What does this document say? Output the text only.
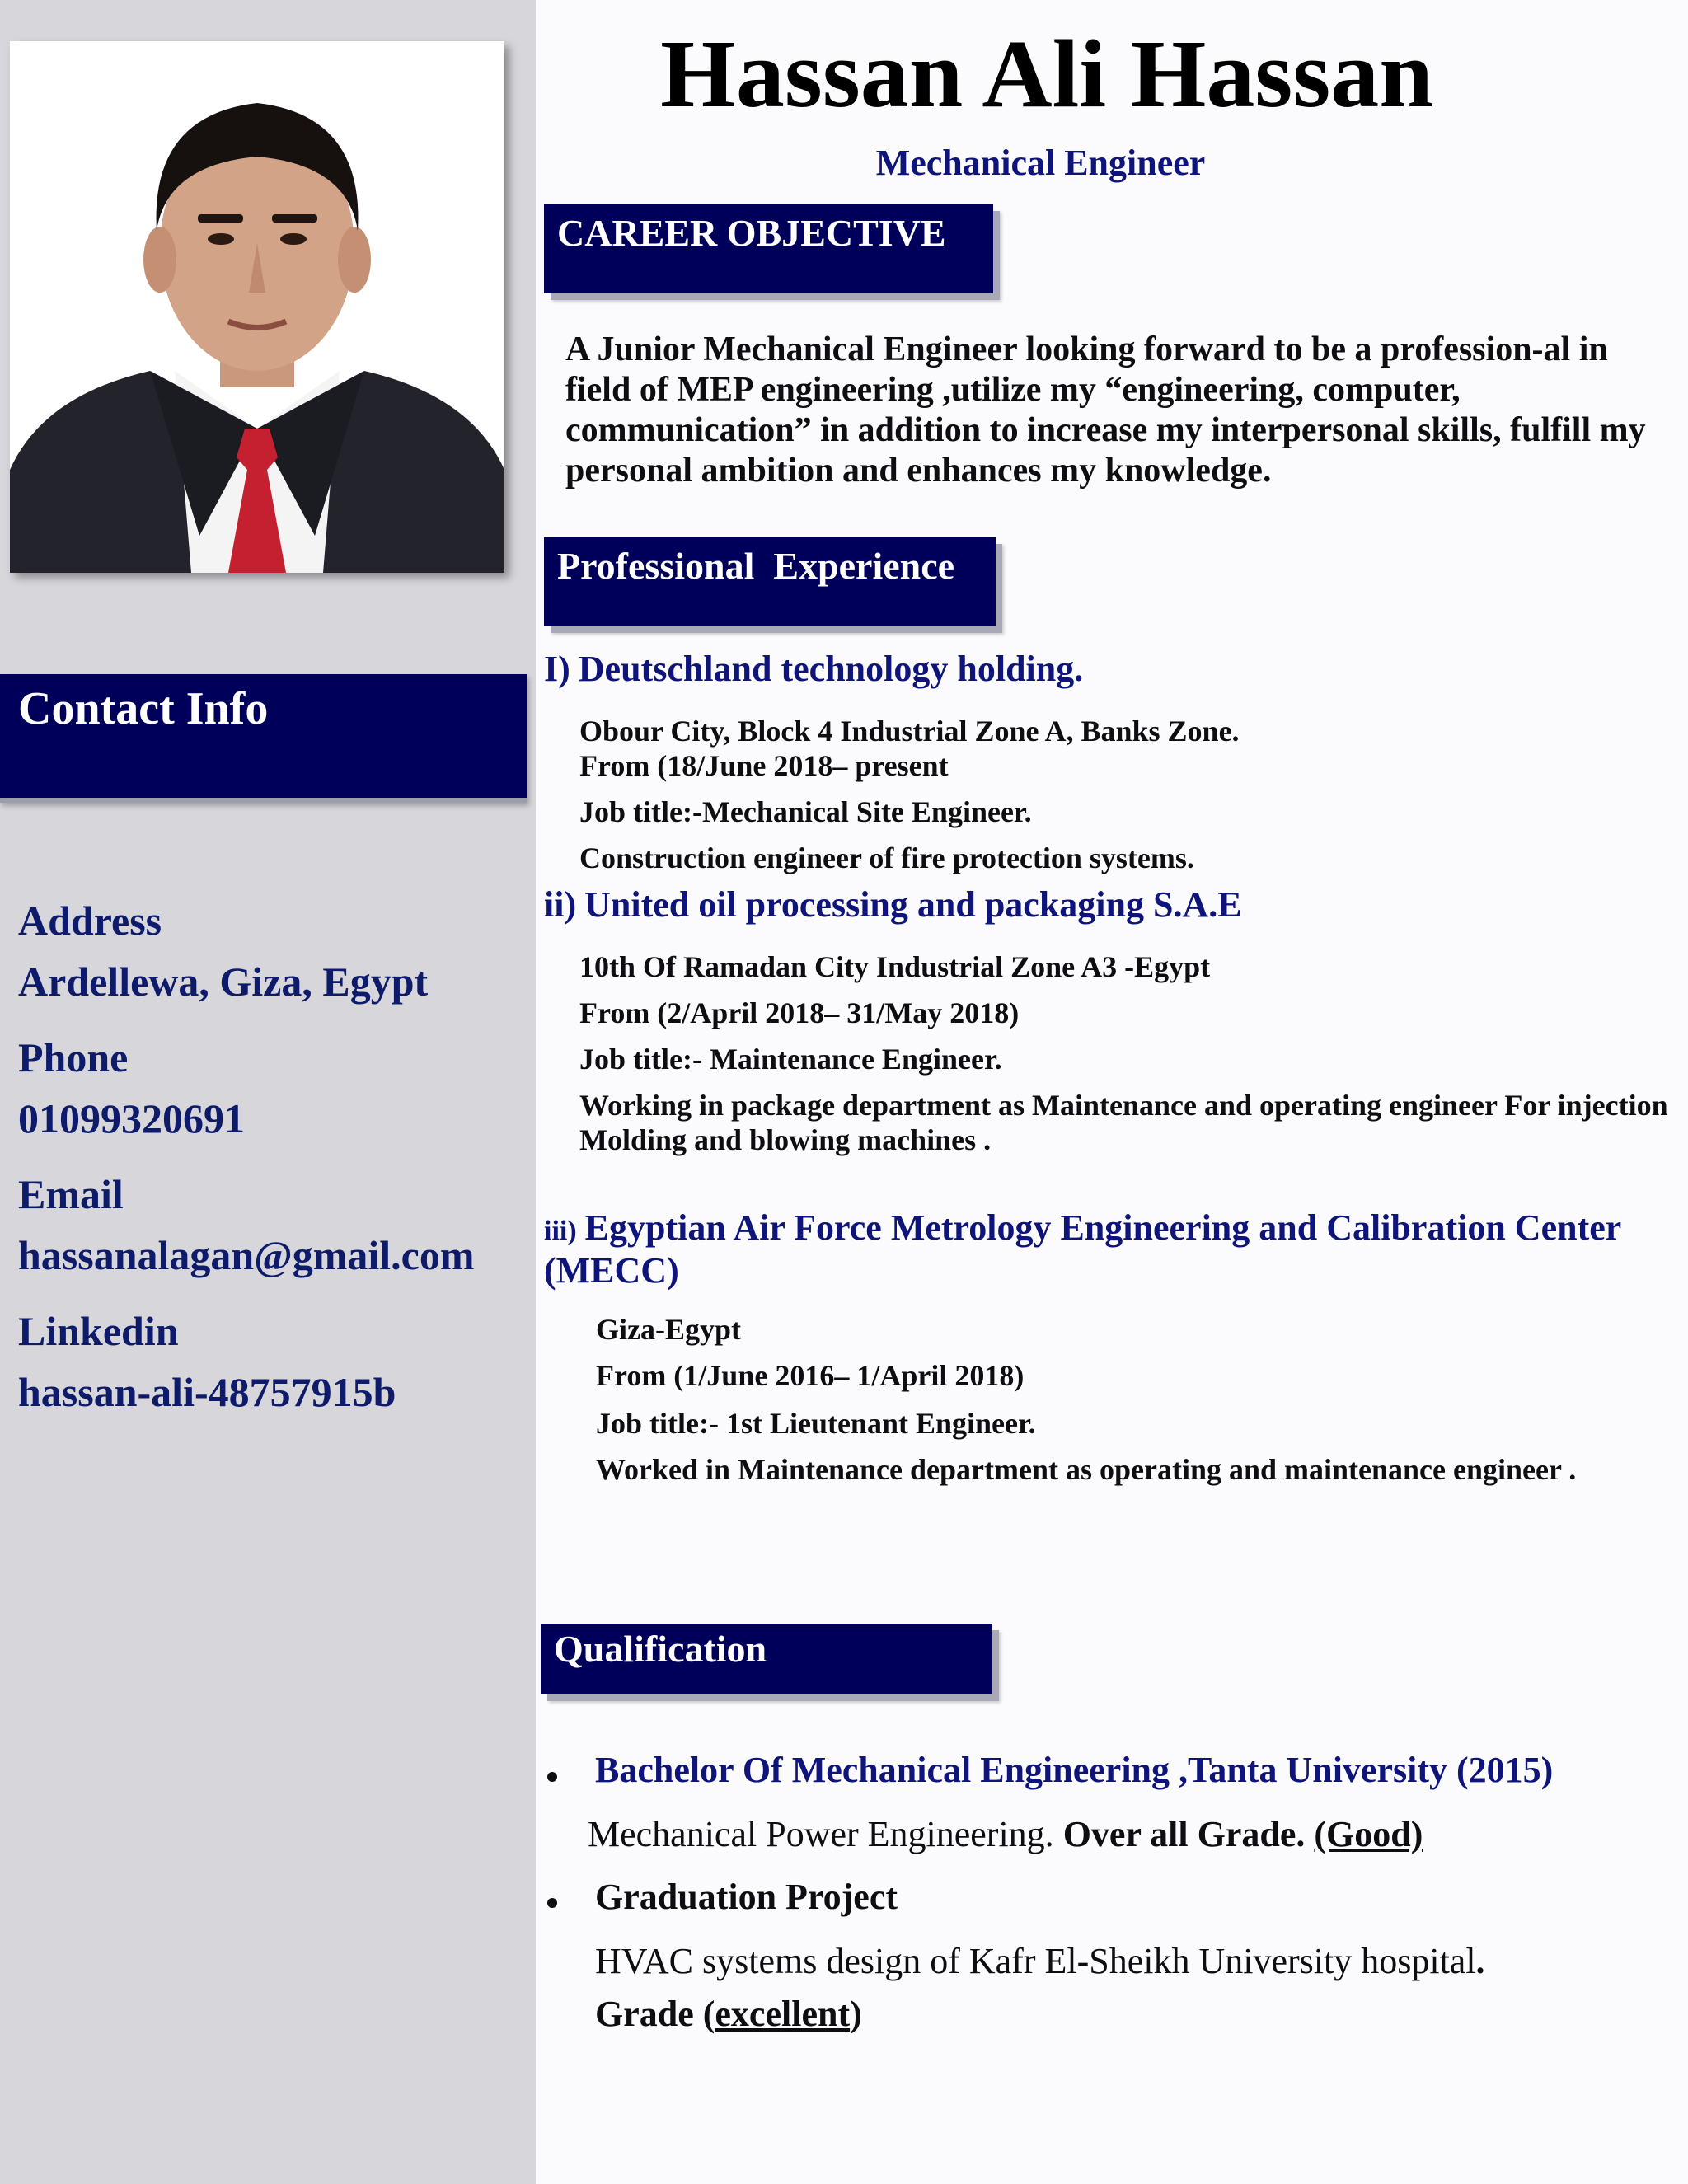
Contact Info
Address
Ardellewa, Giza, Egypt
Phone
01099320691
Email
hassanalagan@gmail.com
Linkedin
hassan-ali-48757915b
Hassan Ali Hassan
Mechanical Engineer
CAREER OBJECTIVE
A Junior Mechanical Engineer looking forward to be a profession-al in field of MEP engineering ,utilize my “engineering, computer, communication” in addition to increase my interpersonal skills, fulfill my personal ambition and enhances my knowledge.
Professional  Experience
I) Deutschland technology holding.
Obour City, Block 4 Industrial Zone A, Banks Zone.
From (18/June 2018– present
Job title:-Mechanical Site Engineer.
Construction engineer of fire protection systems.
ii) United oil processing and packaging S.A.E
10th Of Ramadan City Industrial Zone A3 -Egypt
From (2/April 2018– 31/May 2018)
Job title:- Maintenance Engineer.
Working in package department as Maintenance and operating engineer For injection Molding and blowing machines .
iii) Egyptian Air Force Metrology Engineering and Calibration Center (MECC)
Giza-Egypt
From (1/June 2016– 1/April 2018)
Job title:- 1st Lieutenant Engineer.
Worked in Maintenance department as operating and maintenance engineer .
Qualification
Bachelor Of Mechanical Engineering ,Tanta University (2015)
Mechanical Power Engineering. Over all Grade. (Good)
Graduation Project
HVAC systems design of Kafr El-Sheikh University hospital.
Grade (excellent)
